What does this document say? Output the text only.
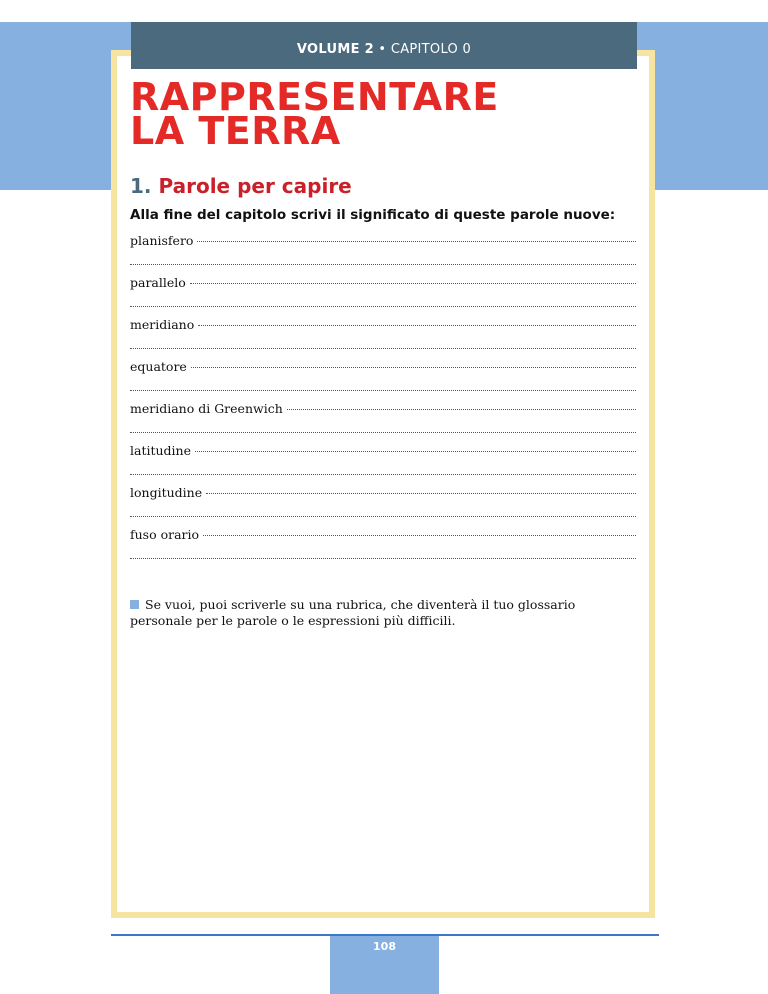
VOLUME 2 • CAPITOLO 0
RAPPRESENTARE
LA TERRA
1. Parole per capire

Alla fine del capitolo scrivi il significato di queste parole nuove:

planisfero
parallelo
meridiano
equatore
meridiano di Greenwich
latitudine
longitudine
fuso orario

Se vuoi, puoi scriverle su una rubrica, che diventerà il tuo glossario personale per le parole o le espressioni più difficili.

108
